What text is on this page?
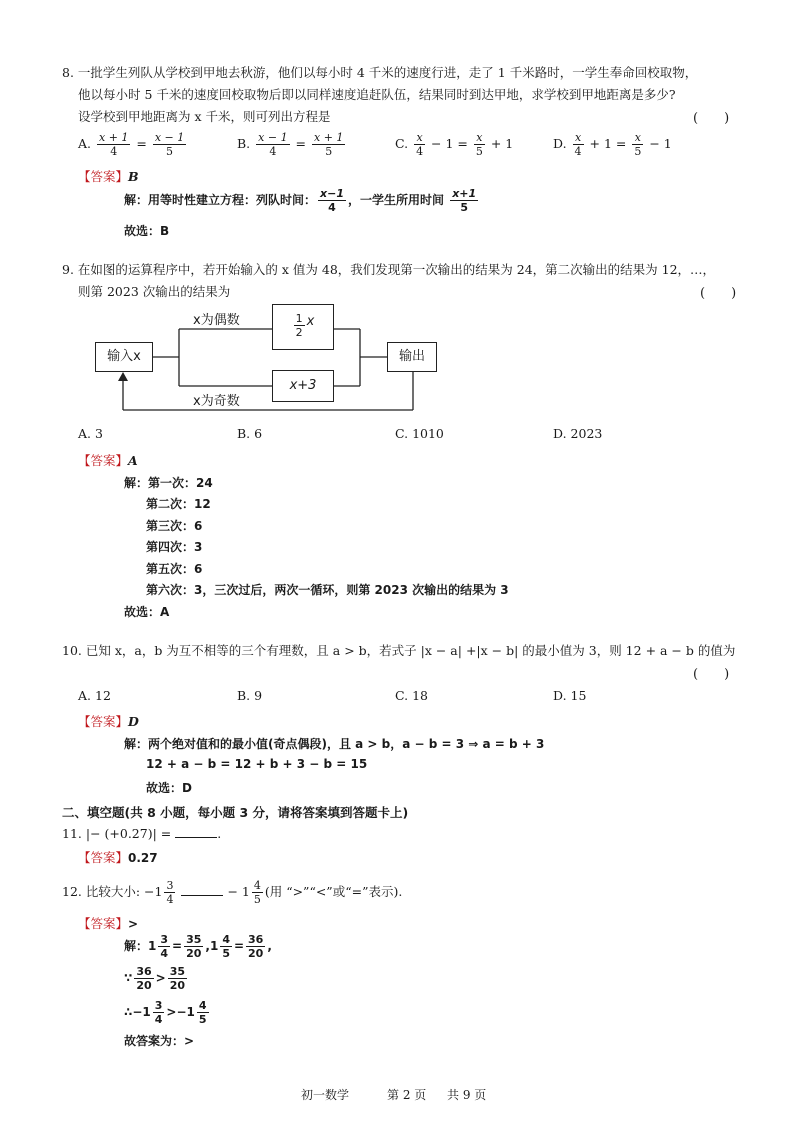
8. 一批学生列队从学校到甲地去秋游，他们以每小时 4 千米的速度行进，走了 1 千米路时，一学生奉命回校取物，
他以每小时 5 千米的速度回校取物后即以同样速度追赶队伍，结果同时到达甲地，求学校到甲地距离是多少?
设学校到甲地距离为 x 千米，则可列出方程是	(　　)
A. $\frac{x + 1}{4} = \frac{x - 1}{5}$	B. $\frac{x - 1}{4} = \frac{x + 1}{5}$	C. $\frac{x}{4} - 1 = \frac{x}{5} + 1$	D. $\frac{x}{4} + 1 = \frac{x}{5} - 1$
【答案】B
解：用等时性建立方程：列队时间： $\frac{x-1}{4}$ ，一学生所用时间 $\frac{x+1}{5}$
故选：B
9. 在如图的运算程序中，若开始输入的 x 值为 48，我们发现第一次输出的结果为 24，第二次输出的结果为 12，…，
则第 2023 次输出的结果为	(　　)
输入x
x为偶数
x为奇数
$\frac{1}{2}$ x
x+3
输出
A. 3	B. 6	C. 1010	D. 2023
【答案】A
解：第一次：24
第二次：12
第三次：6
第四次：3
第五次：6
第六次：3，三次过后，两次一循环，则第 2023 次输出的结果为 3
故选：A
10. 已知 x，a，b 为互不相等的三个有理数，且 a > b，若式子 |x − a| +|x − b| 的最小值为 3，则 12 + a − b 的值为
(　　)
A. 12	B. 9	C. 18	D. 15
【答案】D
解：两个绝对值和的最小值(奇点偶段)，且 a > b，a − b = 3 ⇒ a = b + 3
12 + a − b = 12 + b + 3 − b = 15
故选：D
二、填空题(共 8 小题，每小题 3 分，请将答案填到答题卡上)
11. |− (+0.27)| =	.
【答案】0.27
12. 比较大小: $-1 \frac{3}{4}$	− $1 \frac{4}{5}$ (用 “>”“<”或“=”表示).
【答案】>
解：$1 \frac{3}{4} = \frac{35}{20} ,1 \frac{4}{5} = \frac{36}{20}$ ,
∵ $\frac{36}{20} > \frac{35}{20}$
∴−1 $\frac{3}{4} >-1 \frac{4}{5}$
故答案为：>
初一数学	第 2 页 共 9 页
